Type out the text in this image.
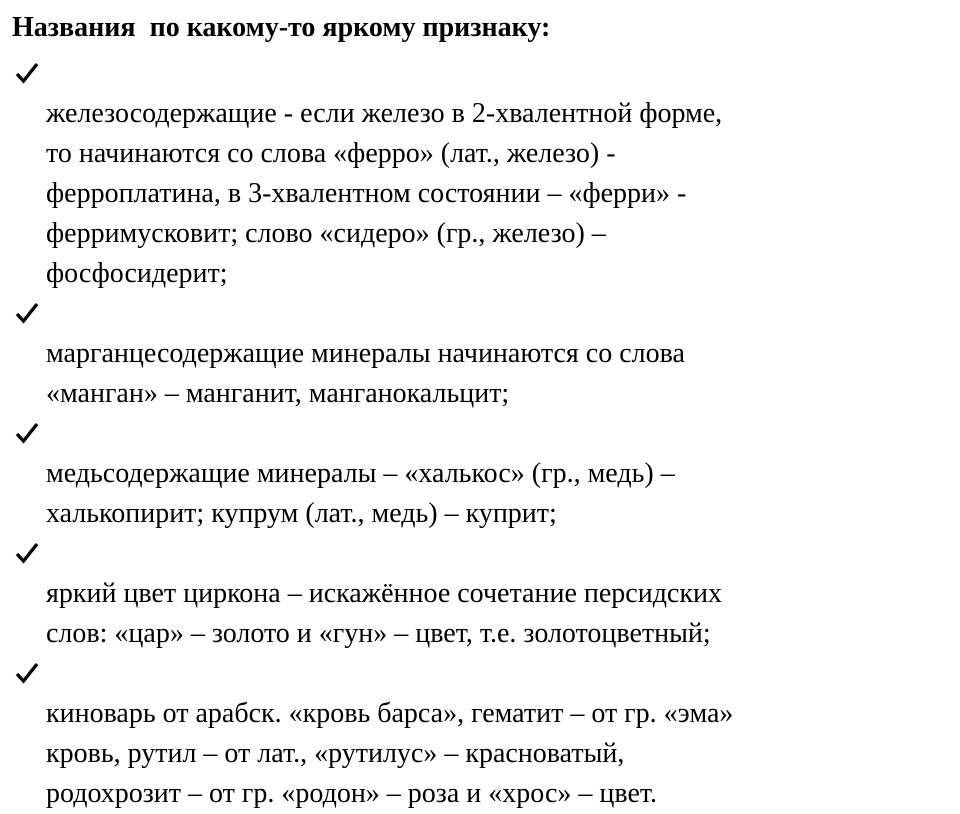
Названия  по какому-то яркому признаку:

железосодержащие - если железо в 2-хвалентной форме,
то начинаются со слова «ферро» (лат., железо) -
ферроплатина, в 3-хвалентном состоянии – «ферри» -
ферримусковит; слово «сидеро» (гр., железо) –
фосфосидерит;

марганцесодержащие минералы начинаются со слова
«манган» – манганит, манганокальцит;

медьсодержащие минералы – «халькос» (гр., медь) –
халькопирит; купрум (лат., медь) – куприт;

яркий цвет циркона – искажённое сочетание персидских
слов: «цар» – золото и «гун» – цвет, т.е. золотоцветный;

киноварь от арабск. «кровь барса», гематит – от гр. «эма»
кровь, рутил – от лат., «рутилус» – красноватый,
родохрозит – от гр. «родон» – роза и «хрос» – цвет.
